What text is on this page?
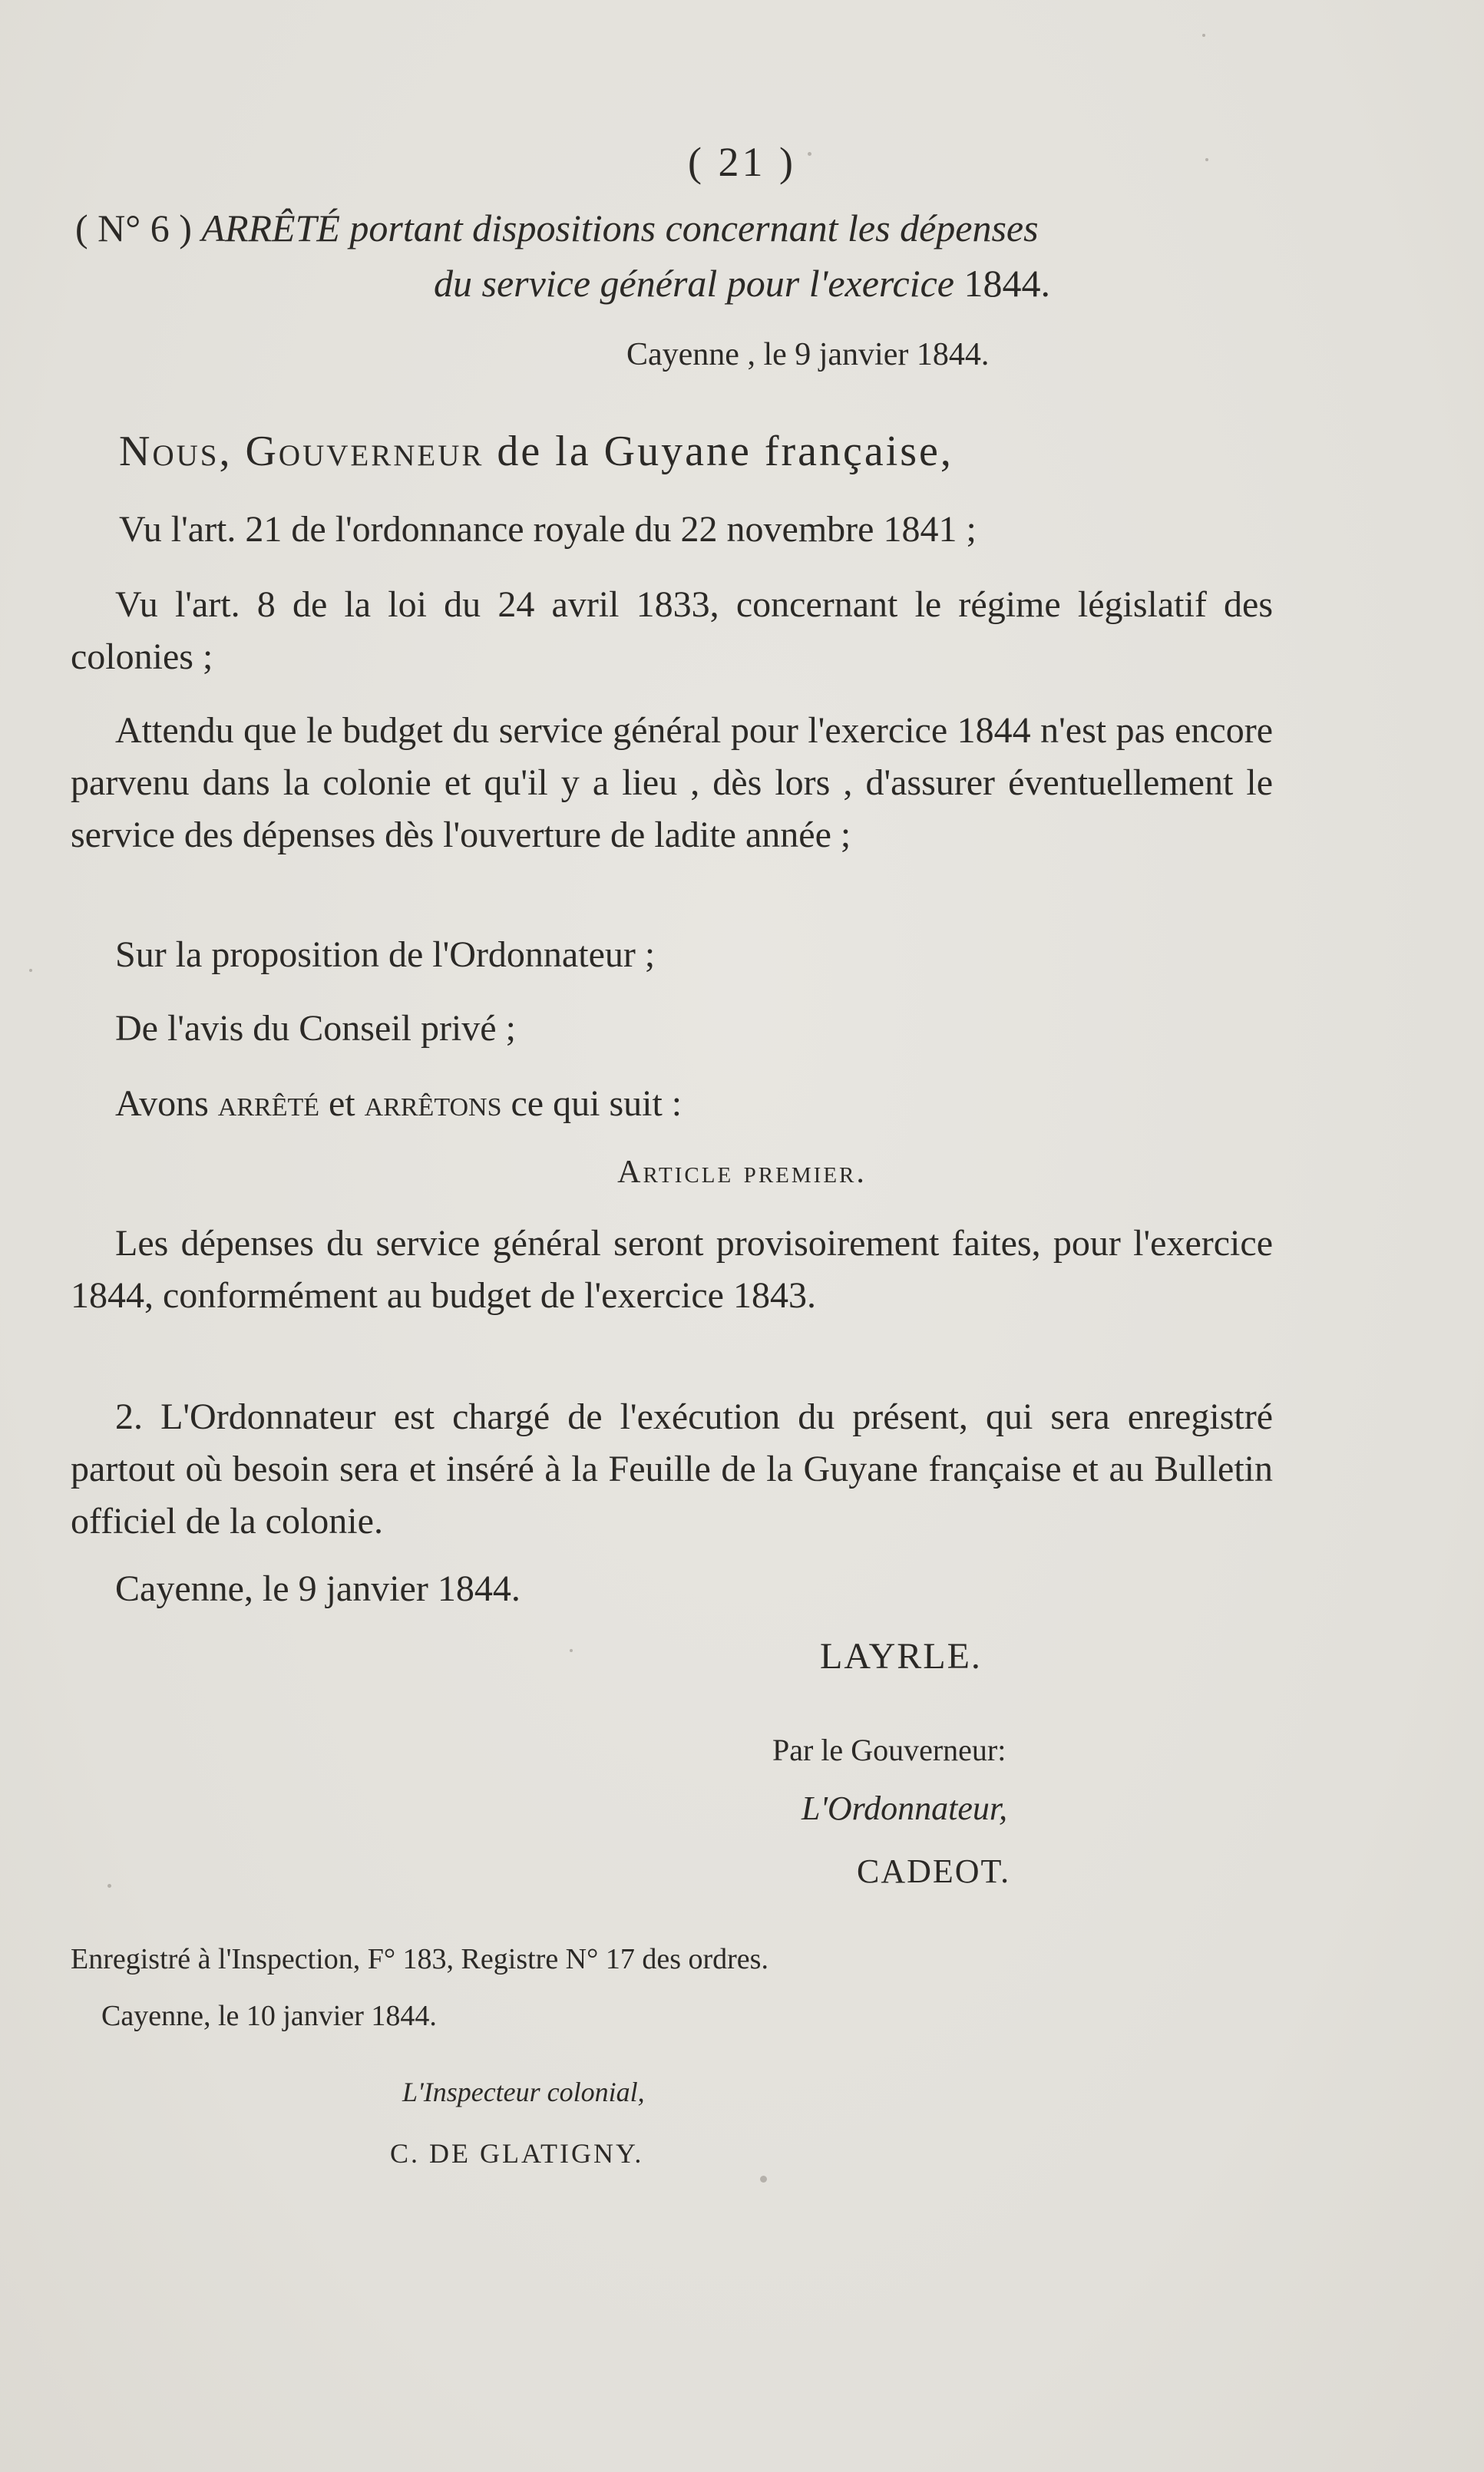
( 21 )
( N° 6 ) ARRÊTÉ portant dispositions concernant les dépenses
du service général pour l'exercice 1844.
Cayenne , le 9 janvier 1844.
Nous, Gouverneur de la Guyane française,
Vu l'art. 21 de l'ordonnance royale du 22 novembre 1841 ;
Vu l'art. 8 de la loi du 24 avril 1833, concernant le régime législatif des colonies ;
Attendu que le budget du service général pour l'exercice 1844 n'est pas encore parvenu dans la colonie et qu'il y a lieu , dès lors , d'assurer éventuellement le service des dépenses dès l'ouverture de ladite année ;
Sur la proposition de l'Ordonnateur ;
De l'avis du Conseil privé ;
Avons arrêté et arrêtons ce qui suit :
Article premier.
Les dépenses du service général seront provisoirement faites, pour l'exercice 1844, conformément au budget de l'exercice 1843.
2. L'Ordonnateur est chargé de l'exécution du présent, qui sera enregistré partout où besoin sera et inséré à la Feuille de la Guyane française et au Bulletin officiel de la colonie.
Cayenne, le 9 janvier 1844.
LAYRLE.
Par le Gouverneur:
L'Ordonnateur,
CADEOT.
Enregistré à l'Inspection, F° 183, Registre N° 17 des ordres.
Cayenne, le 10 janvier 1844.
L'Inspecteur colonial,
C. DE GLATIGNY.
